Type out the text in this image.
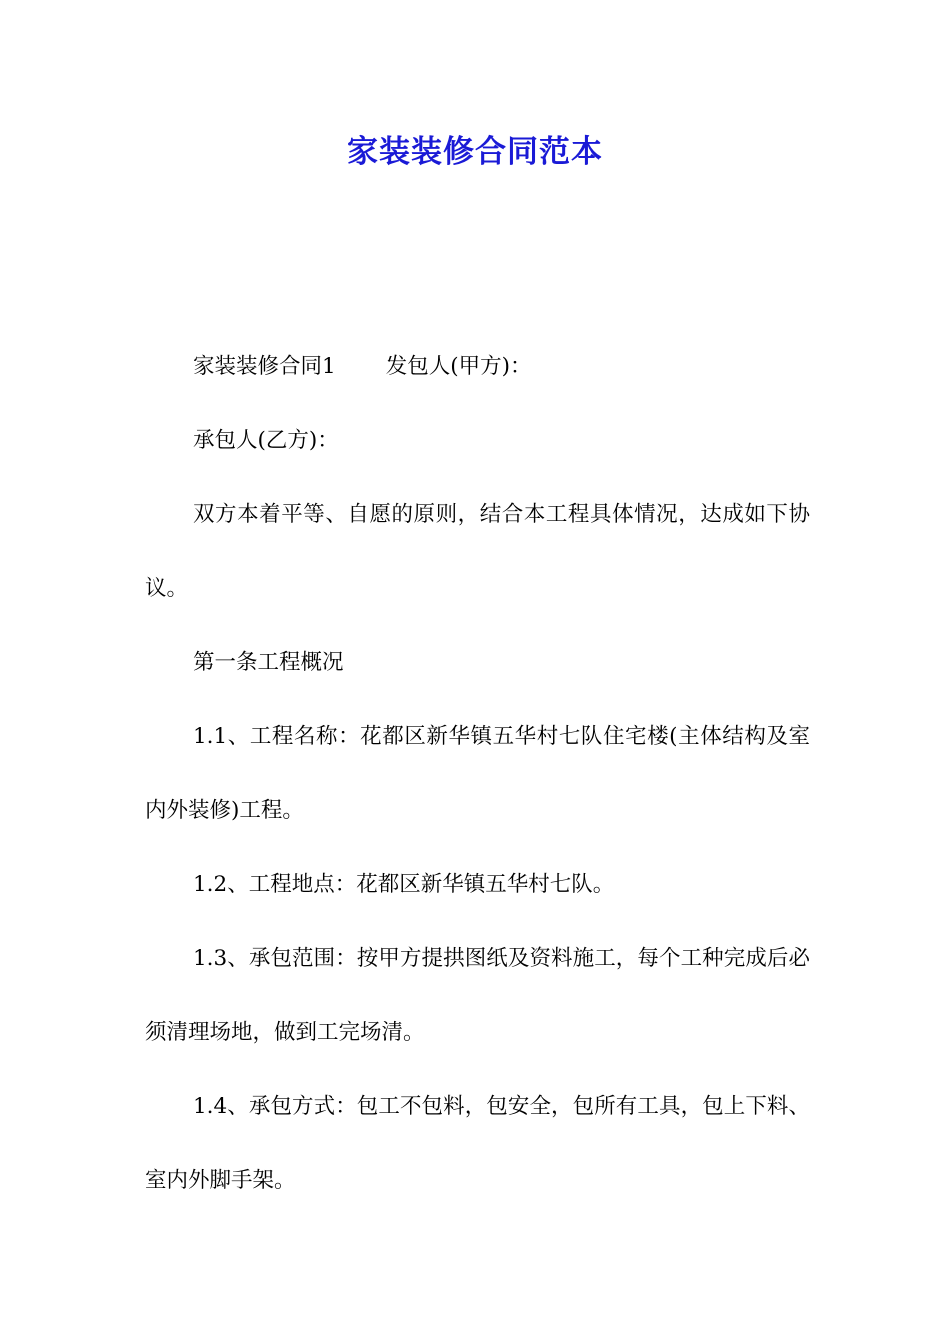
家装装修合同范本

家装装修合同1 发包人(甲方)：

承包人(乙方)：

双方本着平等、自愿的原则，结合本工程具体情况，达成如下协议。

第一条工程概况

1.1、工程名称：花都区新华镇五华村七队住宅楼(主体结构及室内外装修)工程。

1.2、工程地点：花都区新华镇五华村七队。

1.3、承包范围：按甲方提拱图纸及资料施工，每个工种完成后必须清理场地，做到工完场清。

1.4、承包方式：包工不包料，包安全，包所有工具，包上下料、室内外脚手架。
